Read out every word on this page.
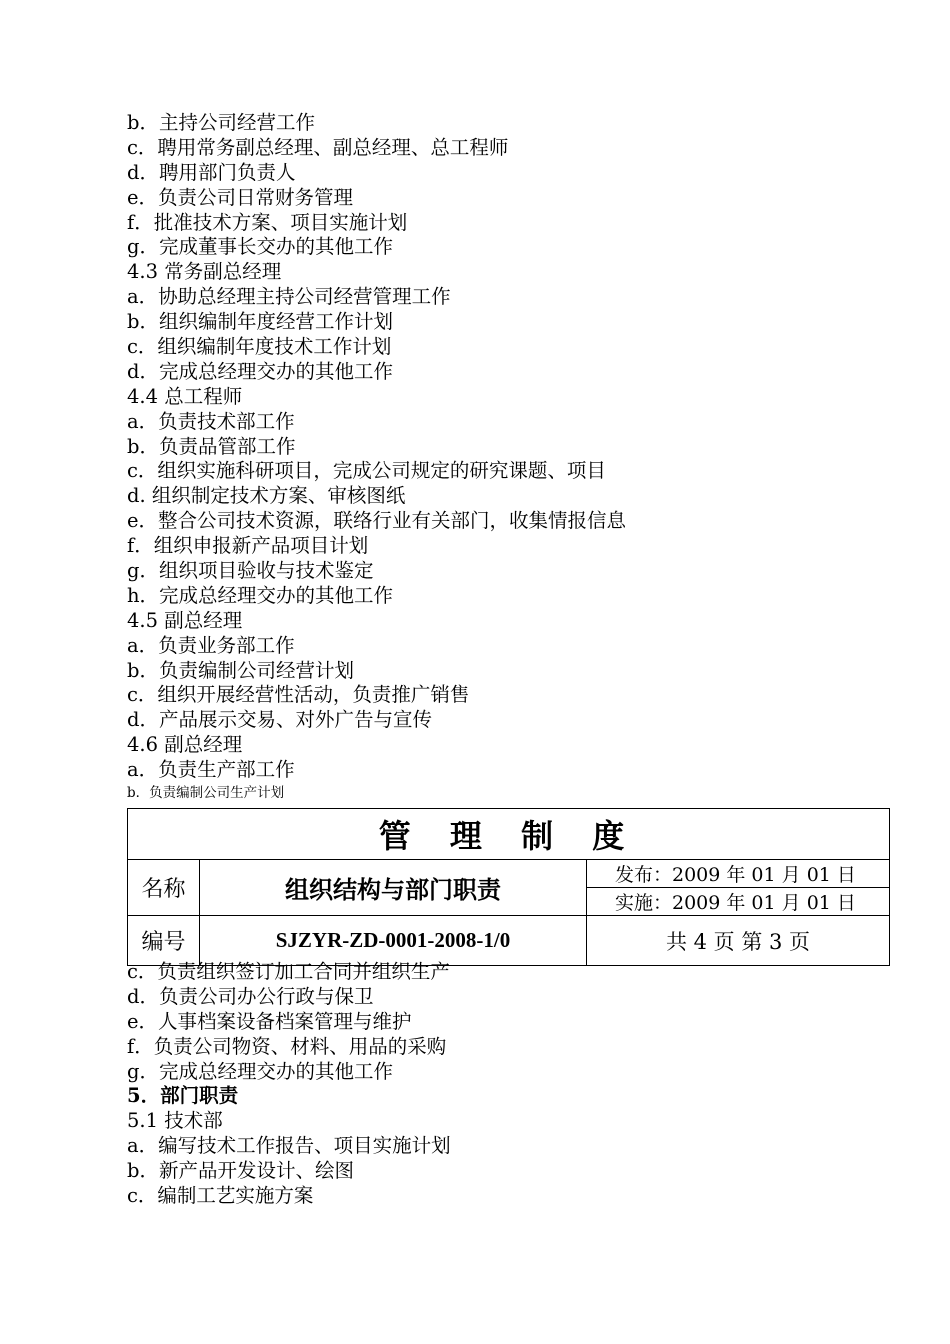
b．主持公司经营工作
c．聘用常务副总经理、副总经理、总工程师
d．聘用部门负责人
e．负责公司日常财务管理
f．批准技术方案、项目实施计划
g．完成董事长交办的其他工作
4.3 常务副总经理
a．协助总经理主持公司经营管理工作
b．组织编制年度经营工作计划
c．组织编制年度技术工作计划
d．完成总经理交办的其他工作
4.4 总工程师
a．负责技术部工作
b．负责品管部工作
c．组织实施科研项目，完成公司规定的研究课题、项目
d. 组织制定技术方案、审核图纸
e．整合公司技术资源，联络行业有关部门，收集情报信息
f．组织申报新产品项目计划
g．组织项目验收与技术鉴定
h．完成总经理交办的其他工作
4.5 副总经理
a．负责业务部工作
b．负责编制公司经营计划
c．组织开展经营性活动，负责推广销售
d．产品展示交易、对外广告与宣传
4.6 副总经理
a．负责生产部工作
b．负责编制公司生产计划
管 理 制 度		
名称	组织结构与部门职责	发布：2009 年 01 月 01 日
		实施：2009 年 01 月 01 日
编号	SJZYR-ZD-0001-2008-1/0	共 4 页 第 3 页
c．负责组织签订加工合同并组织生产
d．负责公司办公行政与保卫
e．人事档案设备档案管理与维护
f．负责公司物资、材料、用品的采购
g．完成总经理交办的其他工作
5．部门职责
5.1 技术部
a．编写技术工作报告、项目实施计划
b．新产品开发设计、绘图
c．编制工艺实施方案
